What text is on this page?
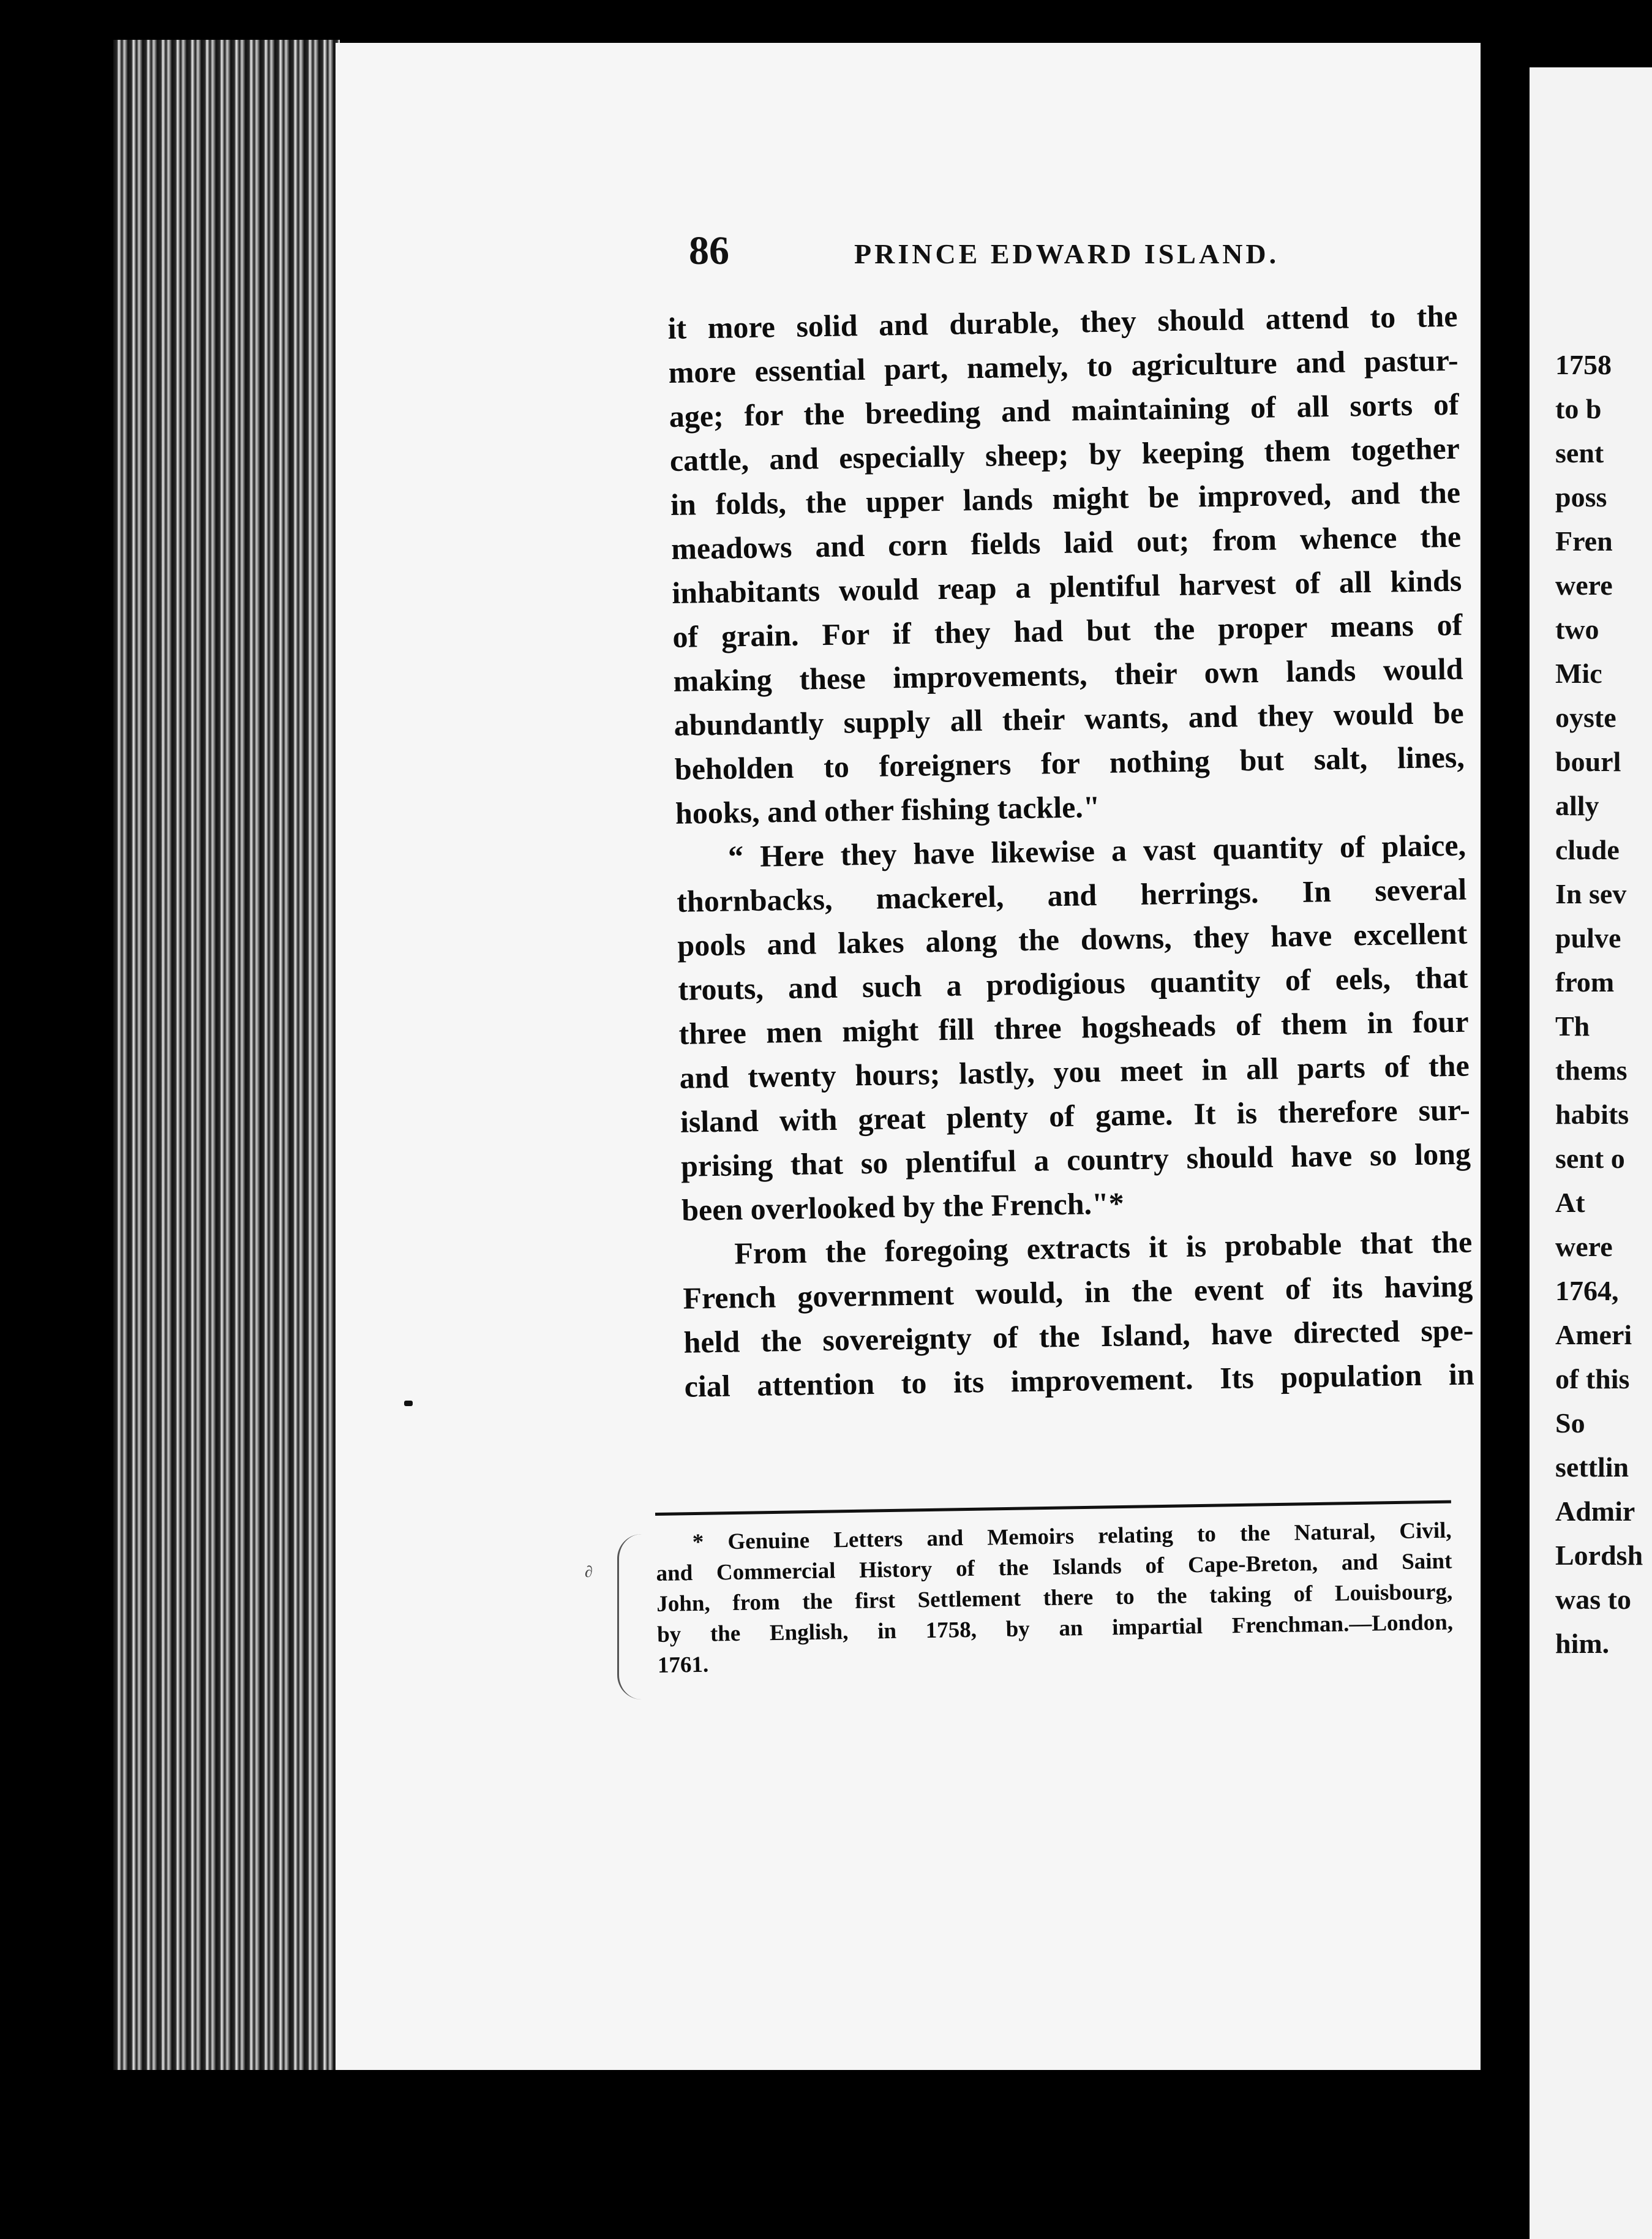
86	PRINCE EDWARD ISLAND.
it more solid and durable, they should attend to the
more essential part, namely, to agriculture and pastur-
age; for the breeding and maintaining of all sorts of
cattle, and especially sheep; by keeping them together
in folds, the upper lands might be improved, and the
meadows and corn fields laid out; from whence the
inhabitants would reap a plentiful harvest of all kinds
of grain. For if they had but the proper means of
making these improvements, their own lands would
abundantly supply all their wants, and they would be
beholden to foreigners for nothing but salt, lines,
hooks, and other fishing tackle."
“ Here they have likewise a vast quantity of plaice,
thornbacks, mackerel, and herrings. In several
pools and lakes along the downs, they have excellent
trouts, and such a prodigious quantity of eels, that
three men might fill three hogsheads of them in four
and twenty hours; lastly, you meet in all parts of the
island with great plenty of game. It is therefore sur-
prising that so plentiful a country should have so long
been overlooked by the French."*
From the foregoing extracts it is probable that the
French government would, in the event of its having
held the sovereignty of the Island, have directed spe-
cial attention to its improvement. Its population in
∂
* Genuine Letters and Memoirs relating to the Natural, Civil,
and Commercial History of the Islands of Cape-Breton, and Saint
John, from the first Settlement there to the taking of Louisbourg,
by the English, in 1758, by an impartial Frenchman.—London,
1761.
1758
to b
sent
poss
Fren
were
two
Mic
oyste
bourl
ally
clude
In sev
pulve
from
Th
thems
habits
sent o
At
were
1764,
Ameri
of this
So
settlin
Admir
Lordsh
was to
him.
